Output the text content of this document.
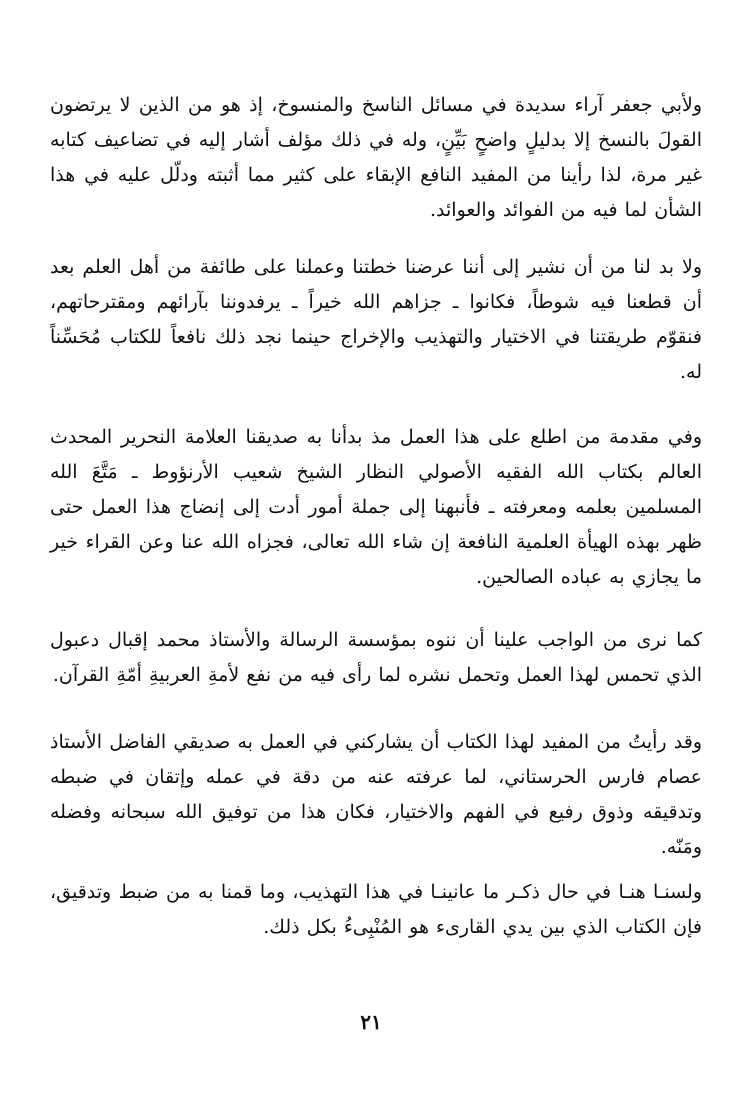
ولأبي جعفر آراء سديدة في مسائل الناسخ والمنسوخ، إذ هو من الذين لا يرتضون القولَ بالنسخ إلا بدليلٍ واضحٍ بَيِّنٍ، وله في ذلك مؤلف أشار إليه في تضاعيف كتابه غير مرة، لذا رأينا من المفيد النافع الإبقاء على كثير مما أثبته ودلّل عليه في هذا الشأن لما فيه من الفوائد والعوائد.

ولا بد لنا من أن نشير إلى أننا عرضنا خطتنا وعملنا على طائفة من أهل العلم بعد أن قطعنا فيه شوطاً، فكانوا ـ جزاهم الله خيراً ـ يرفدوننا بآرائهم ومقترحاتهم، فنقوّم طريقتنا في الاختيار والتهذيب والإخراج حينما نجد ذلك نافعاً للكتاب مُحَسِّناً له.

وفي مقدمة من اطلع على هذا العمل مذ بدأنا به صديقنا العلامة النحرير المحدث العالم بكتاب الله الفقيه الأصولي النظار الشيخ شعيب الأرنؤوط ـ مَتَّعَ الله المسلمين بعلمه ومعرفته ـ فأنبهنا إلى جملة أمور أدت إلى إنضاج هذا العمل حتى ظهر بهذه الهيأة العلمية النافعة إن شاء الله تعالى، فجزاه الله عنا وعن القراء خير ما يجازي به عباده الصالحين.

كما نرى من الواجب علينا أن ننوه بمؤسسة الرسالة والأستاذ محمد إقبال دعبول الذي تحمس لهذا العمل وتحمل نشره لما رأى فيه من نفع لأمةِ العربيةِ أمّةِ القرآن.

وقد رأيتُ من المفيد لهذا الكتاب أن يشاركني في العمل به صديقي الفاضل الأستاذ عصام فارس الحرستاني، لما عرفته عنه من دقة في عمله وإتقان في ضبطه وتدقيقه وذوق رفيع في الفهم والاختيار، فكان هذا من توفيق الله سبحانه وفضله ومَنّه.

ولسنـا هنـا في حال ذكـر ما عانينـا في هذا التهذيب، وما قمنا به من ضبط وتدقيق، فإن الكتاب الذي بين يدي القارىء هو المُنْبِىءُ بكل ذلك.

٢١
